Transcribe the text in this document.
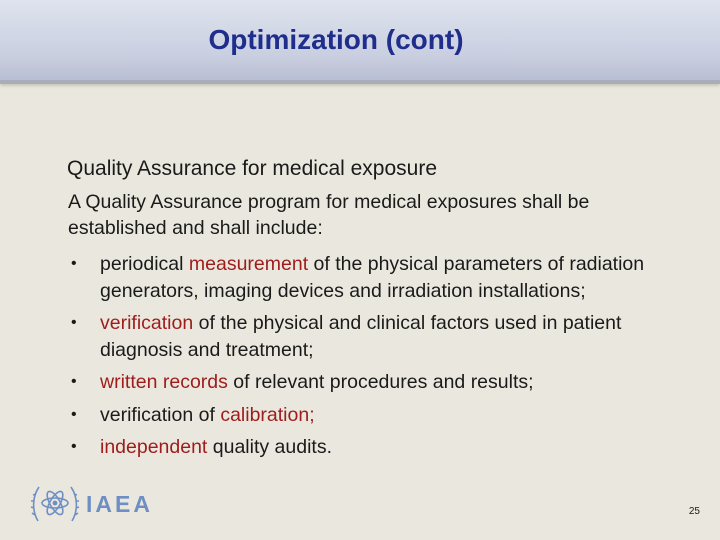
Optimization (cont)
Quality Assurance for medical exposure
A Quality Assurance program for medical exposures shall be established and shall include:
• periodical measurement of the physical parameters of radiation generators, imaging devices and irradiation installations;
• verification of the physical and clinical factors used in patient diagnosis and treatment;
• written records of relevant procedures and results;
• verification of calibration;
• independent quality audits.
IAEA	25
